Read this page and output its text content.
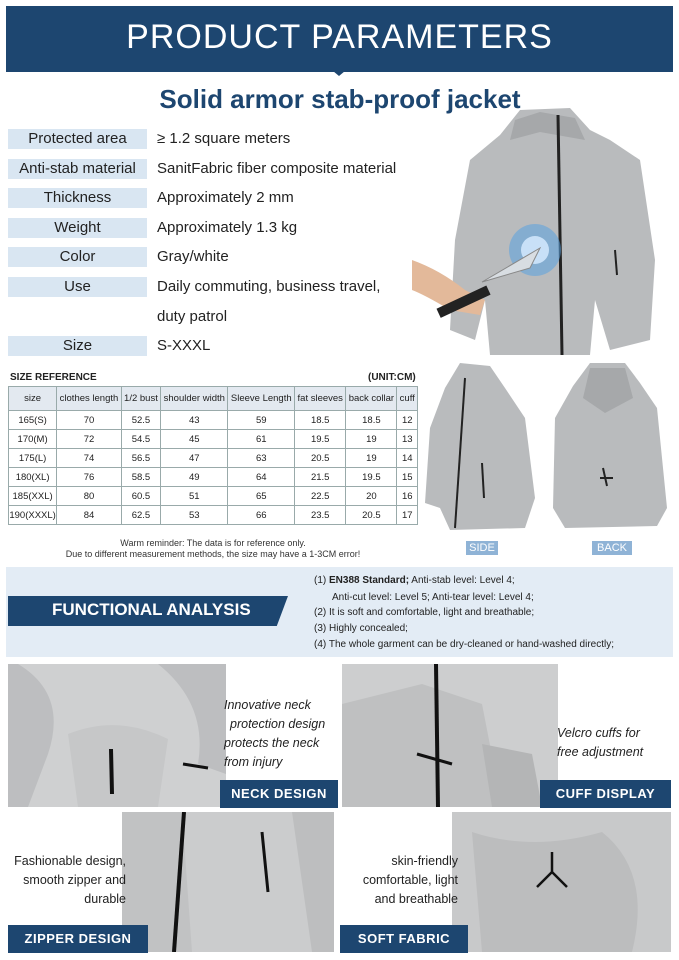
PRODUCT PARAMETERS
Solid armor stab-proof jacket
Protected area	≥ 1.2 square meters
Anti-stab material	SanitFabric fiber composite material
Thickness	Approximately 2 mm
Weight	Approximately 1.3 kg
Color	Gray/white
Use	Daily commuting, business travel,
duty patrol
Size	S-XXXL
SIZE REFERENCE	(UNIT:CM)
size	clothes length	1/2 bust	shoulder width	Sleeve Length	fat sleeves	back collar	cuff
165(S)	70	52.5	43	59	18.5	18.5	12
170(M)	72	54.5	45	61	19.5	19	13
175(L)	74	56.5	47	63	20.5	19	14
180(XL)	76	58.5	49	64	21.5	19.5	15
185(XXL)	80	60.5	51	65	22.5	20	16
190(XXXL)	84	62.5	53	66	23.5	20.5	17
Warm reminder: The data is for reference only.
Due to different measurement methods, the size may have a 1-3CM error!	SIDE	BACK
FUNCTIONAL ANALYSIS
(1) EN388 Standard; Anti-stab level: Level 4;
Anti-cut level: Level 5; Anti-tear level: Level 4;
(2) It is soft and comfortable, light and breathable;
(3) Highly concealed;
(4) The whole garment can be dry-cleaned or hand-washed directly;
Innovative neck
protection design
protects the neck
from injury
NECK DESIGN
Velcro cuffs for
free adjustment
CUFF DISPLAY
Fashionable design,
smooth zipper and
durable
ZIPPER DESIGN
skin-friendly
comfortable, light
and breathable
SOFT FABRIC
